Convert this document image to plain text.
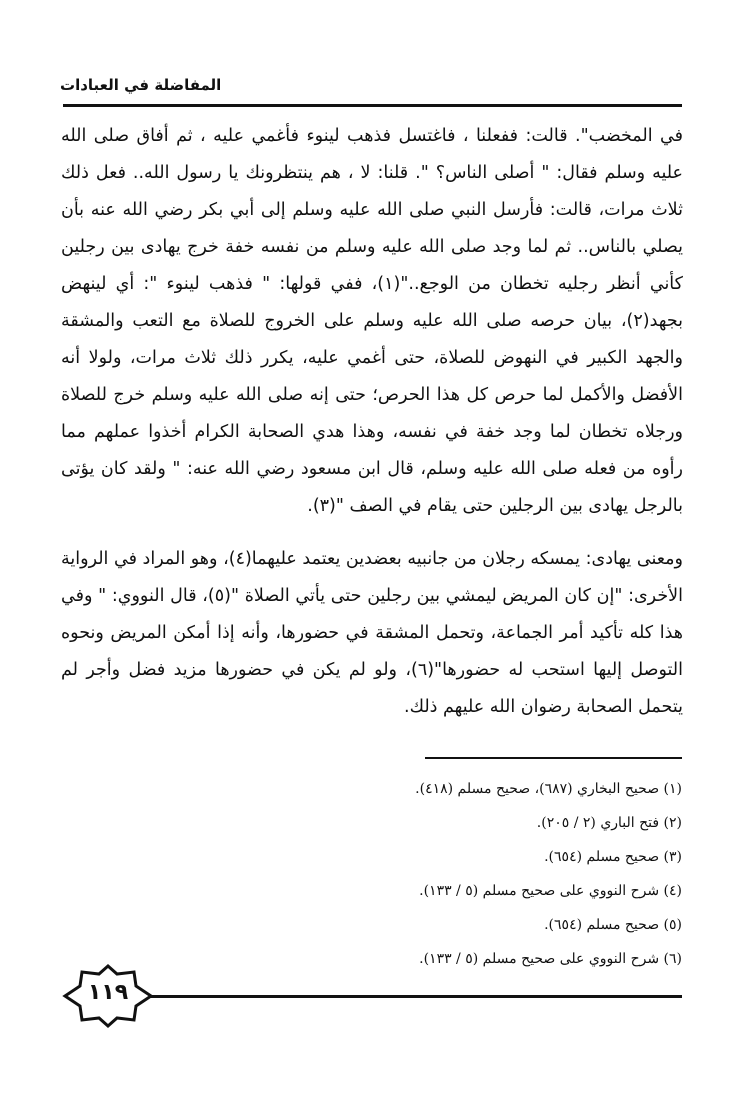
المفاضلة في العبادات

في المخضب". قالت: ففعلنا ، فاغتسل فذهب لينوء فأغمي عليه ، ثم أفاق صلى الله عليه وسلم فقال: " أصلى الناس؟ ". قلنا: لا ، هم ينتظرونك يا رسول الله.. فعل ذلك ثلاث مرات، قالت: فأرسل النبي صلى الله عليه وسلم إلى أبي بكر رضي الله عنه بأن يصلي بالناس.. ثم لما وجد صلى الله عليه وسلم من نفسه خفة خرج يهادى بين رجلين كأني أنظر رجليه تخطان من الوجع.."(١)، ففي قولها: " فذهب لينوء ": أي لينهض بجهد(٢)، بيان حرصه صلى الله عليه وسلم على الخروج للصلاة مع التعب والمشقة والجهد الكبير في النهوض للصلاة، حتى أغمي عليه، يكرر ذلك ثلاث مرات، ولولا أنه الأفضل والأكمل لما حرص كل هذا الحرص؛ حتى إنه صلى الله عليه وسلم خرج للصلاة ورجلاه تخطان لما وجد خفة في نفسه، وهذا هدي الصحابة الكرام أخذوا عملهم مما رأوه من فعله صلى الله عليه وسلم، قال ابن مسعود رضي الله عنه: " ولقد كان يؤتى بالرجل يهادى بين الرجلين حتى يقام في الصف "(٣).

ومعنى يهادى: يمسكه رجلان من جانبيه بعضدين يعتمد عليهما(٤)، وهو المراد في الرواية الأخرى: "إن كان المريض ليمشي بين رجلين حتى يأتي الصلاة "(٥)، قال النووي: " وفي هذا كله تأكيد أمر الجماعة، وتحمل المشقة في حضورها، وأنه إذا أمكن المريض ونحوه التوصل إليها استحب له حضورها"(٦)، ولو لم يكن في حضورها مزيد فضل وأجر لم يتحمل الصحابة رضوان الله عليهم ذلك.

(١) صحيح البخاري (٦٨٧)، صحيح مسلم (٤١٨).
(٢) فتح الباري (٢ / ٢٠٥).
(٣) صحيح مسلم (٦٥٤).
(٤) شرح النووي على صحيح مسلم (٥ / ١٣٣).
(٥) صحيح مسلم (٦٥٤).
(٦) شرح النووي على صحيح مسلم (٥ / ١٣٣).
١١٩
